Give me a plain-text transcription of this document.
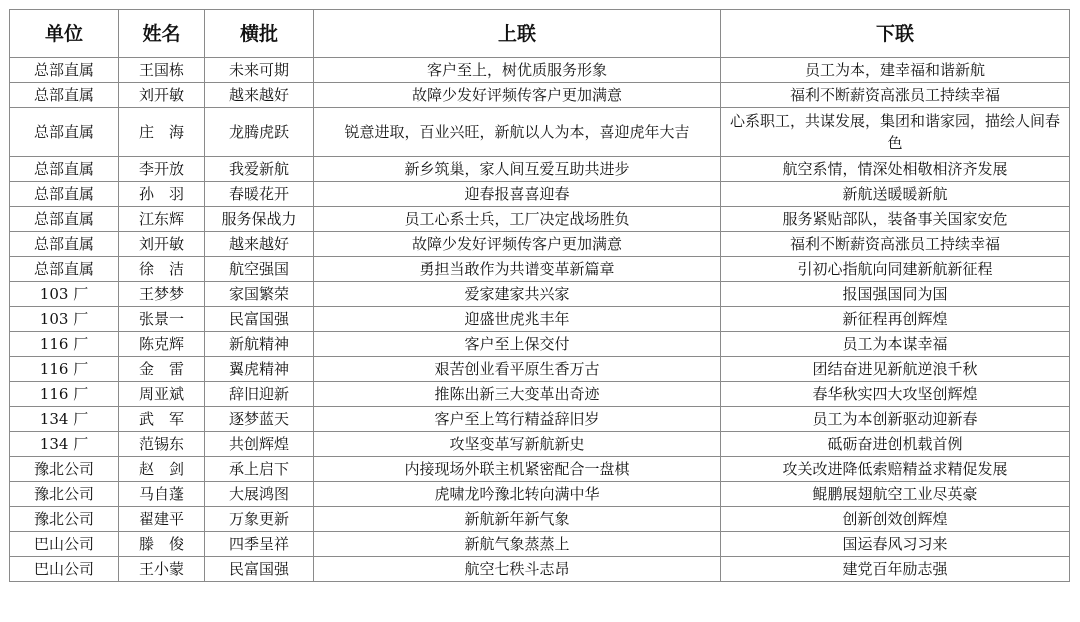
单位	姓名	横批	上联	下联
总部直属	王国栋	未来可期	客户至上，树优质服务形象	员工为本，建幸福和谐新航
总部直属	刘开敏	越来越好	故障少发好评频传客户更加满意	福利不断薪资高涨员工持续幸福
总部直属	庄　海	龙腾虎跃	锐意进取，百业兴旺，新航以人为本，喜迎虎年大吉	心系职工，共谋发展，集团和谐家园，描绘人间春色
总部直属	李开放	我爱新航	新乡筑巢，家人间互爱互助共进步	航空系情，情深处相敬相济齐发展
总部直属	孙　羽	春暖花开	迎春报喜喜迎春	新航送暖暖新航
总部直属	江东辉	服务保战力	员工心系士兵，工厂决定战场胜负	服务紧贴部队，装备事关国家安危
总部直属	刘开敏	越来越好	故障少发好评频传客户更加满意	福利不断薪资高涨员工持续幸福
总部直属	徐　洁	航空强国	勇担当敢作为共谱变革新篇章	引初心指航向同建新航新征程
103 厂	王梦梦	家国繁荣	爱家建家共兴家	报国强国同为国
103 厂	张景一	民富国强	迎盛世虎兆丰年	新征程再创辉煌
116 厂	陈克辉	新航精神	客户至上保交付	员工为本谋幸福
116 厂	金　雷	翼虎精神	艰苦创业看平原生香万古	团结奋进见新航逆浪千秋
116 厂	周亚斌	辞旧迎新	推陈出新三大变革出奇迹	春华秋实四大攻坚创辉煌
134 厂	武　军	逐梦蓝天	客户至上笃行精益辞旧岁	员工为本创新驱动迎新春
134 厂	范锡东	共创辉煌	攻坚变革写新航新史	砥砺奋进创机载首例
豫北公司	赵　剑	承上启下	内接现场外联主机紧密配合一盘棋	攻关改进降低索赔精益求精促发展
豫北公司	马自蓬	大展鸿图	虎啸龙吟豫北转向满中华	鲲鹏展翅航空工业尽英豪
豫北公司	翟建平	万象更新	新航新年新气象	创新创效创辉煌
巴山公司	滕　俊	四季呈祥	新航气象蒸蒸上	国运春风习习来
巴山公司	王小蒙	民富国强	航空七秩斗志昂	建党百年励志强
